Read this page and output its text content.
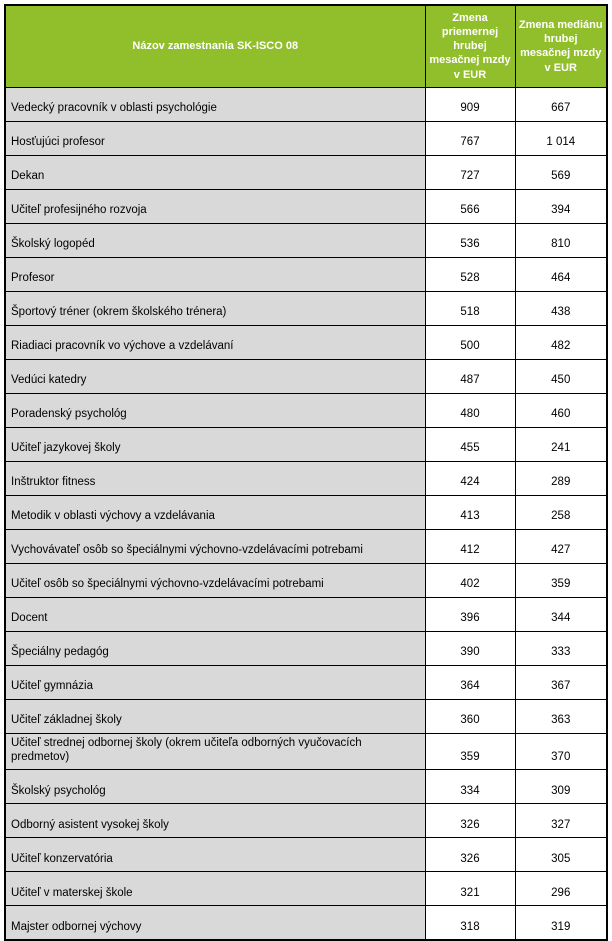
Názov zamestnania SK-ISCO 08	Zmena priemernej hrubej mesačnej mzdy v EUR	Zmena mediánu hrubej mesačnej mzdy v EUR
Vedecký pracovník v oblasti psychológie	909	667
Hosťujúci profesor	767	1 014
Dekan	727	569
Učiteľ profesijného rozvoja	566	394
Školský logopéd	536	810
Profesor	528	464
Športový tréner (okrem školského trénera)	518	438
Riadiaci pracovník vo výchove a vzdelávaní	500	482
Vedúci katedry	487	450
Poradenský psychológ	480	460
Učiteľ jazykovej školy	455	241
Inštruktor fitness	424	289
Metodik v oblasti výchovy a vzdelávania	413	258
Vychovávateľ osôb so špeciálnymi výchovno-vzdelávacími potrebami	412	427
Učiteľ osôb so špeciálnymi výchovno-vzdelávacími potrebami	402	359
Docent	396	344
Špeciálny pedagóg	390	333
Učiteľ gymnázia	364	367
Učiteľ základnej školy	360	363
Učiteľ strednej odbornej školy (okrem učiteľa odborných vyučovacích predmetov)	359	370
Školský psychológ	334	309
Odborný asistent vysokej školy	326	327
Učiteľ konzervatória	326	305
Učiteľ v materskej škole	321	296
Majster odbornej výchovy	318	319
